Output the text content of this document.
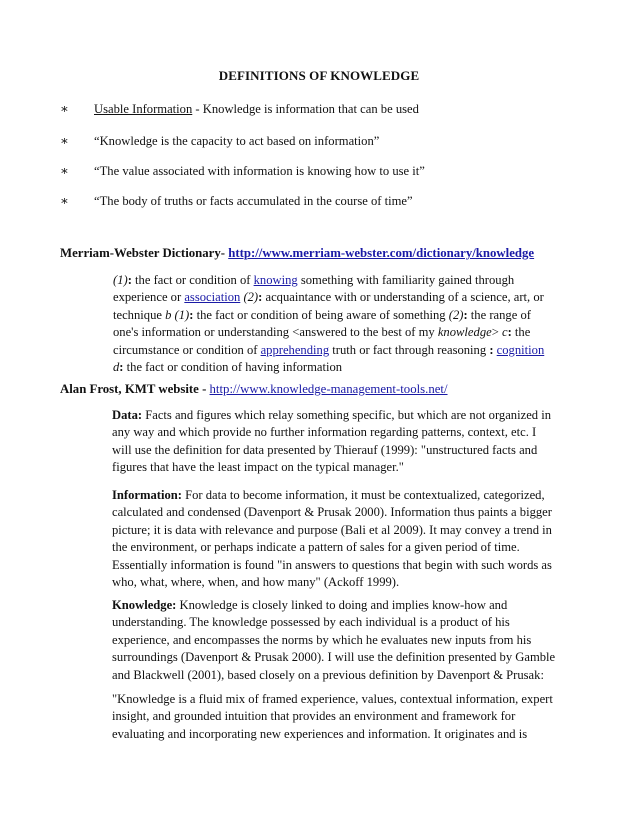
DEFINITIONS OF KNOWLEDGE
∗ Usable Information - Knowledge is information that can be used
∗ “Knowledge is the capacity to act based on information”
∗ “The value associated with information is knowing how to use it”
∗ “The body of truths or facts accumulated in the course of time”
Merriam-Webster Dictionary- http://www.merriam-webster.com/dictionary/knowledge
(1): the fact or condition of knowing something with familiarity gained through experience or association (2): acquaintance with or understanding of a science, art, or technique b (1): the fact or condition of being aware of something (2): the range of one's information or understanding <answered to the best of my knowledge> c: the circumstance or condition of apprehending truth or fact through reasoning : cognition d: the fact or condition of having information
Alan Frost, KMT website - http://www.knowledge-management-tools.net/
Data: Facts and figures which relay something specific, but which are not organized in any way and which provide no further information regarding patterns, context, etc. I will use the definition for data presented by Thierauf (1999): "unstructured facts and figures that have the least impact on the typical manager."
Information: For data to become information, it must be contextualized, categorized, calculated and condensed (Davenport & Prusak 2000). Information thus paints a bigger picture; it is data with relevance and purpose (Bali et al 2009). It may convey a trend in the environment, or perhaps indicate a pattern of sales for a given period of time. Essentially information is found "in answers to questions that begin with such words as who, what, where, when, and how many" (Ackoff 1999).
Knowledge: Knowledge is closely linked to doing and implies know-how and understanding. The knowledge possessed by each individual is a product of his experience, and encompasses the norms by which he evaluates new inputs from his surroundings (Davenport & Prusak 2000). I will use the definition presented by Gamble and Blackwell (2001), based closely on a previous definition by Davenport & Prusak:
"Knowledge is a fluid mix of framed experience, values, contextual information, expert insight, and grounded intuition that provides an environment and framework for evaluating and incorporating new experiences and information. It originates and is
